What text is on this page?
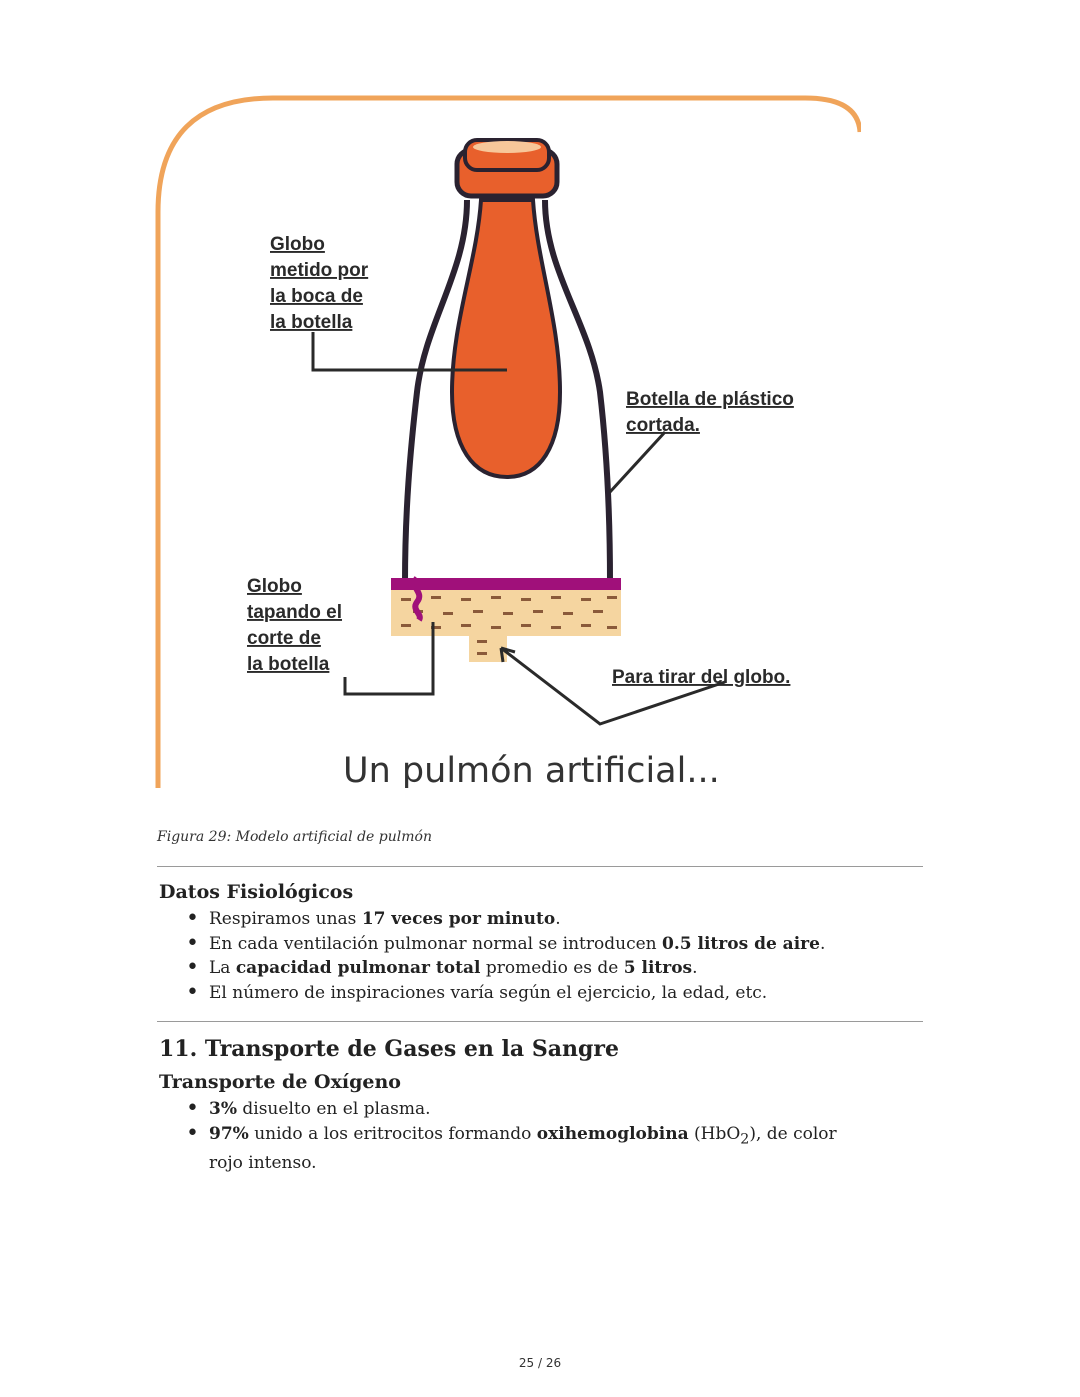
Globo
metido por
la boca de
la botella
Botella de plástico
cortada.
Globo
tapando el
corte de
la botella
Para tirar del globo.
Un pulmón artificial...
Figura 29: Modelo artificial de pulmón
Datos Fisiológicos
• Respiramos unas 17 veces por minuto.
• En cada ventilación pulmonar normal se introducen 0.5 litros de aire.
• La capacidad pulmonar total promedio es de 5 litros.
• El número de inspiraciones varía según el ejercicio, la edad, etc.
11. Transporte de Gases en la Sangre
Transporte de Oxígeno
• 3% disuelto en el plasma.
• 97% unido a los eritrocitos formando oxihemoglobina (HbO$_2$), de color rojo intenso.
25 / 26
